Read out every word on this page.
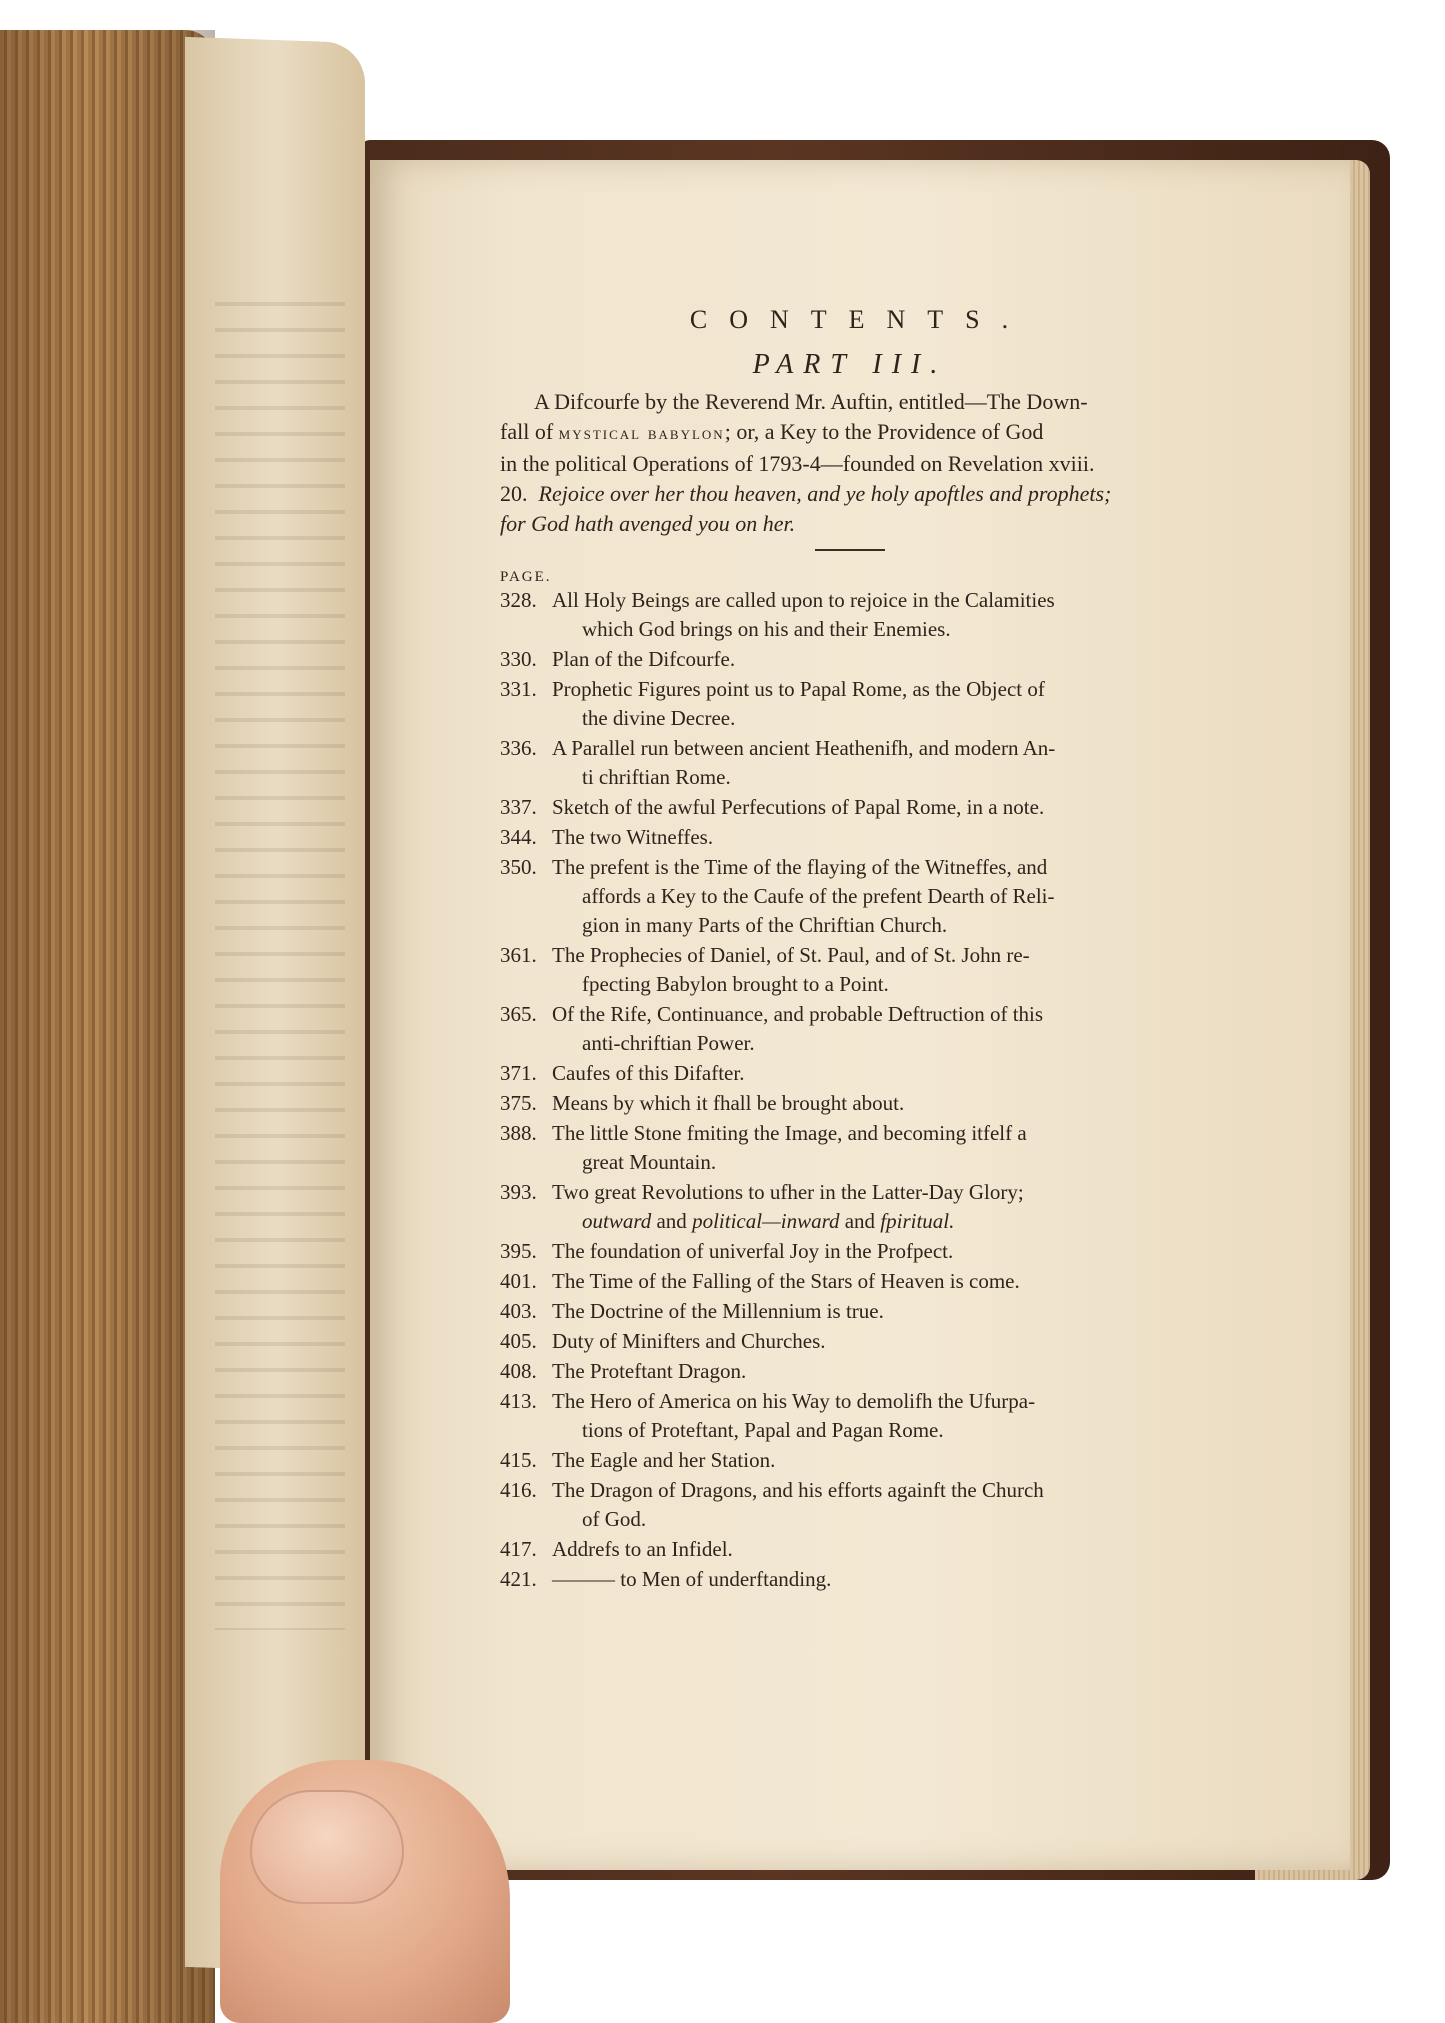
CONTENTS.
PART III.

A Difcourfe by the Reverend Mr. Auftin, entitled—The Down-
fall of mystical babylon; or, a Key to the Providence of God
in the political Operations of 1793-4—founded on Revelation xviii.
20. Rejoice over her thou heaven, and ye holy apoftles and prophets;
for God hath avenged you on her.

PAGE.
328. All Holy Beings are called upon to rejoice in the Calamities
which God brings on his and their Enemies.
330. Plan of the Difcourfe.
331. Prophetic Figures point us to Papal Rome, as the Object of
the divine Decree.
336. A Parallel run between ancient Heathenifh, and modern An-
ti chriftian Rome.
337. Sketch of the awful Perfecutions of Papal Rome, in a note.
344. The two Witneffes.
350. The prefent is the Time of the flaying of the Witneffes, and
affords a Key to the Caufe of the prefent Dearth of Reli-
gion in many Parts of the Chriftian Church.
361. The Prophecies of Daniel, of St. Paul, and of St. John re-
fpecting Babylon brought to a Point.
365. Of the Rife, Continuance, and probable Deftruction of this
anti-chriftian Power.
371. Caufes of this Difafter.
375. Means by which it fhall be brought about.
388. The little Stone fmiting the Image, and becoming itfelf a
great Mountain.
393. Two great Revolutions to ufher in the Latter-Day Glory;
outward and political—inward and fpiritual.
395. The foundation of univerfal Joy in the Profpect.
401. The Time of the Falling of the Stars of Heaven is come.
403. The Doctrine of the Millennium is true.
405. Duty of Minifters and Churches.
408. The Proteftant Dragon.
413. The Hero of America on his Way to demolifh the Ufurpa-
tions of Proteftant, Papal and Pagan Rome.
415. The Eagle and her Station.
416. The Dragon of Dragons, and his efforts againft the Church
of God.
417. Addrefs to an Infidel.
421. ——— to Men of underftanding.
